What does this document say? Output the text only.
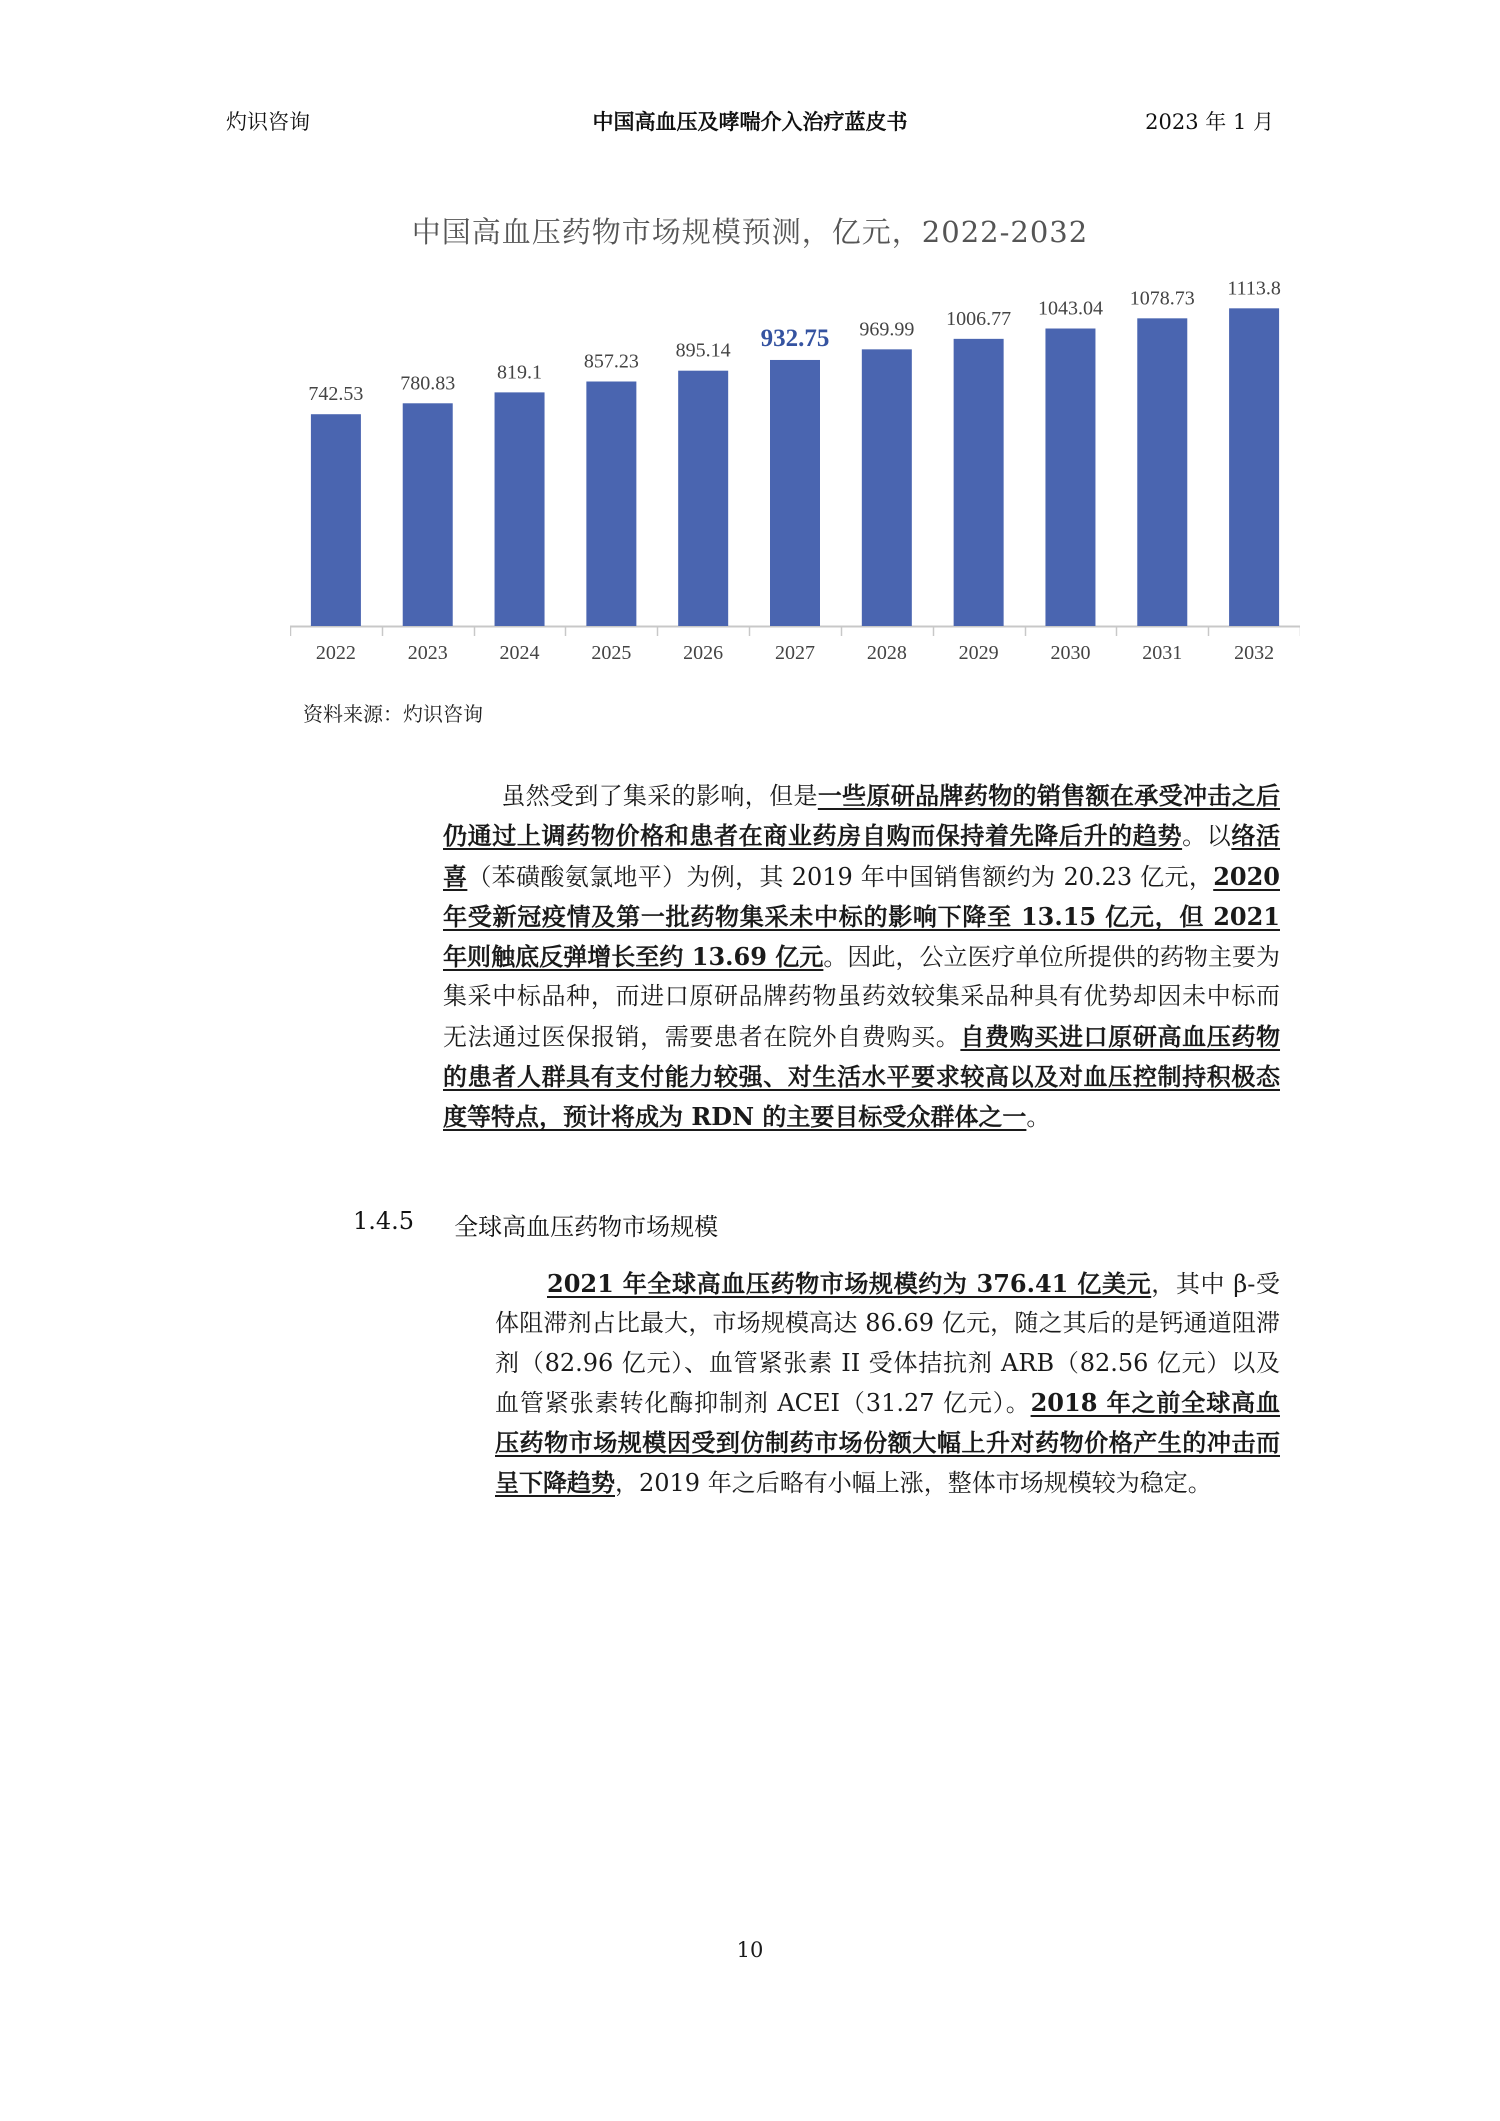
灼识咨询	中国高血压及哮喘介入治疗蓝皮书	2023 年 1 月
中国高血压药物市场规模预测，亿元，2022-2032
742.53
2022
780.83
2023
819.1
2024
857.23
2025
895.14
2026
932.75
2027
969.99
2028
1006.77
2029
1043.04
2030
1078.73
2031
1113.8
2032
资料来源：灼识咨询

虽然受到了集采的影响，但是一些原研品牌药物的销售额在承受冲击之后仍通过上调药物价格和患者在商业药房自购而保持着先降后升的趋势。以络活喜（苯磺酸氨氯地平）为例，其 2019 年中国销售额约为 20.23 亿元，2020 年受新冠疫情及第一批药物集采未中标的影响下降至 13.15 亿元，但 2021 年则触底反弹增长至约 13.69 亿元。因此，公立医疗单位所提供的药物主要为集采中标品种，而进口原研品牌药物虽药效较集采品种具有优势却因未中标而无法通过医保报销，需要患者在院外自费购买。自费购买进口原研高血压药物的患者人群具有支付能力较强、对生活水平要求较高以及对血压控制持积极态度等特点，预计将成为 RDN 的主要目标受众群体之一。

1.4.5 全球高血压药物市场规模

2021 年全球高血压药物市场规模约为 376.41 亿美元，其中 β-受体阻滞剂占比最大，市场规模高达 86.69 亿元，随之其后的是钙通道阻滞剂（82.96 亿元）、血管紧张素 II 受体拮抗剂 ARB（82.56 亿元）以及血管紧张素转化酶抑制剂 ACEI（31.27 亿元）。2018 年之前全球高血压药物市场规模因受到仿制药市场份额大幅上升对药物价格产生的冲击而呈下降趋势，2019 年之后略有小幅上涨，整体市场规模较为稳定。

10
